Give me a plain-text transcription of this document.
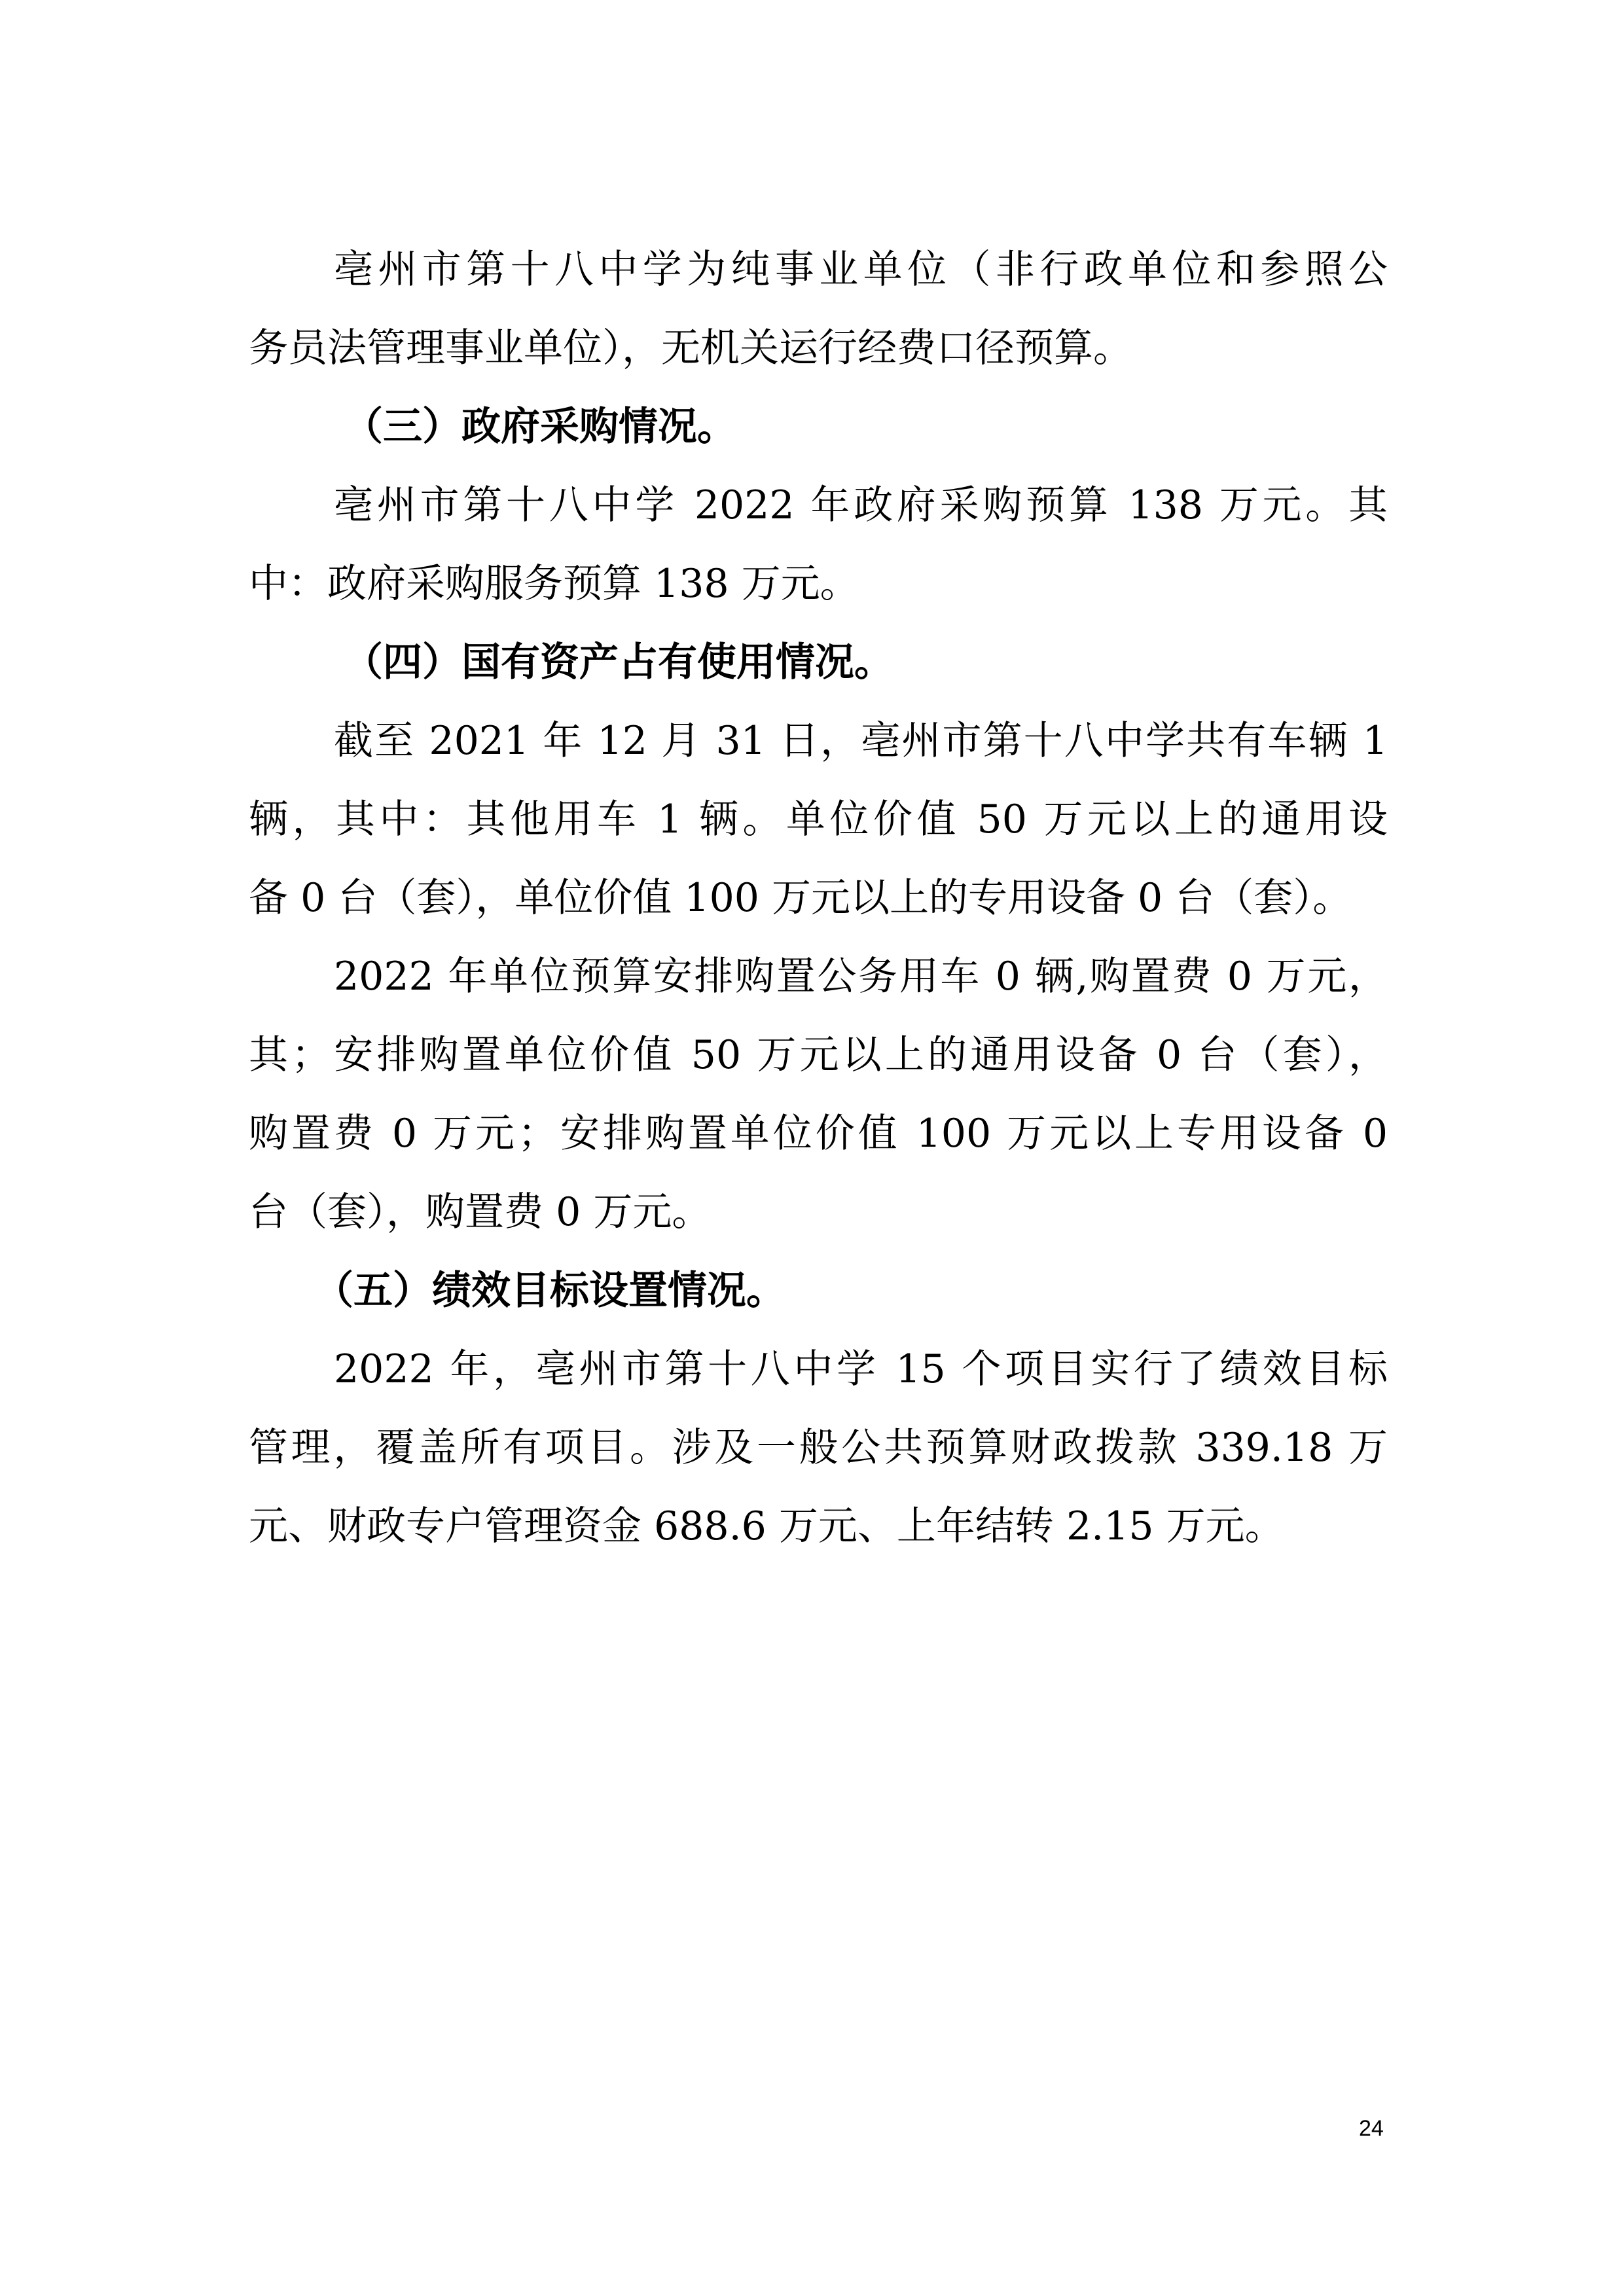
亳州市第十八中学为纯事业单位（非行政单位和参照公
务员法管理事业单位），无机关运行经费口径预算。
（三）政府采购情况。
亳州市第十八中学 2022 年政府采购预算 138 万元。其
中：政府采购服务预算 138 万元。
（四）国有资产占有使用情况。
截至 2021 年 12 月 31 日，亳州市第十八中学共有车辆 1
辆，其中：其他用车 1 辆。单位价值 50 万元以上的通用设
备 0 台（套），单位价值 100 万元以上的专用设备 0 台（套）。
2022 年单位预算安排购置公务用车 0 辆,购置费 0 万元，
其；安排购置单位价值 50 万元以上的通用设备 0 台（套），
购置费 0 万元；安排购置单位价值 100 万元以上专用设备 0
台（套），购置费 0 万元。
（五）绩效目标设置情况。
2022 年，亳州市第十八中学 15 个项目实行了绩效目标
管理，覆盖所有项目。涉及一般公共预算财政拨款 339.18 万
元、财政专户管理资金 688.6 万元、上年结转 2.15 万元。
24
